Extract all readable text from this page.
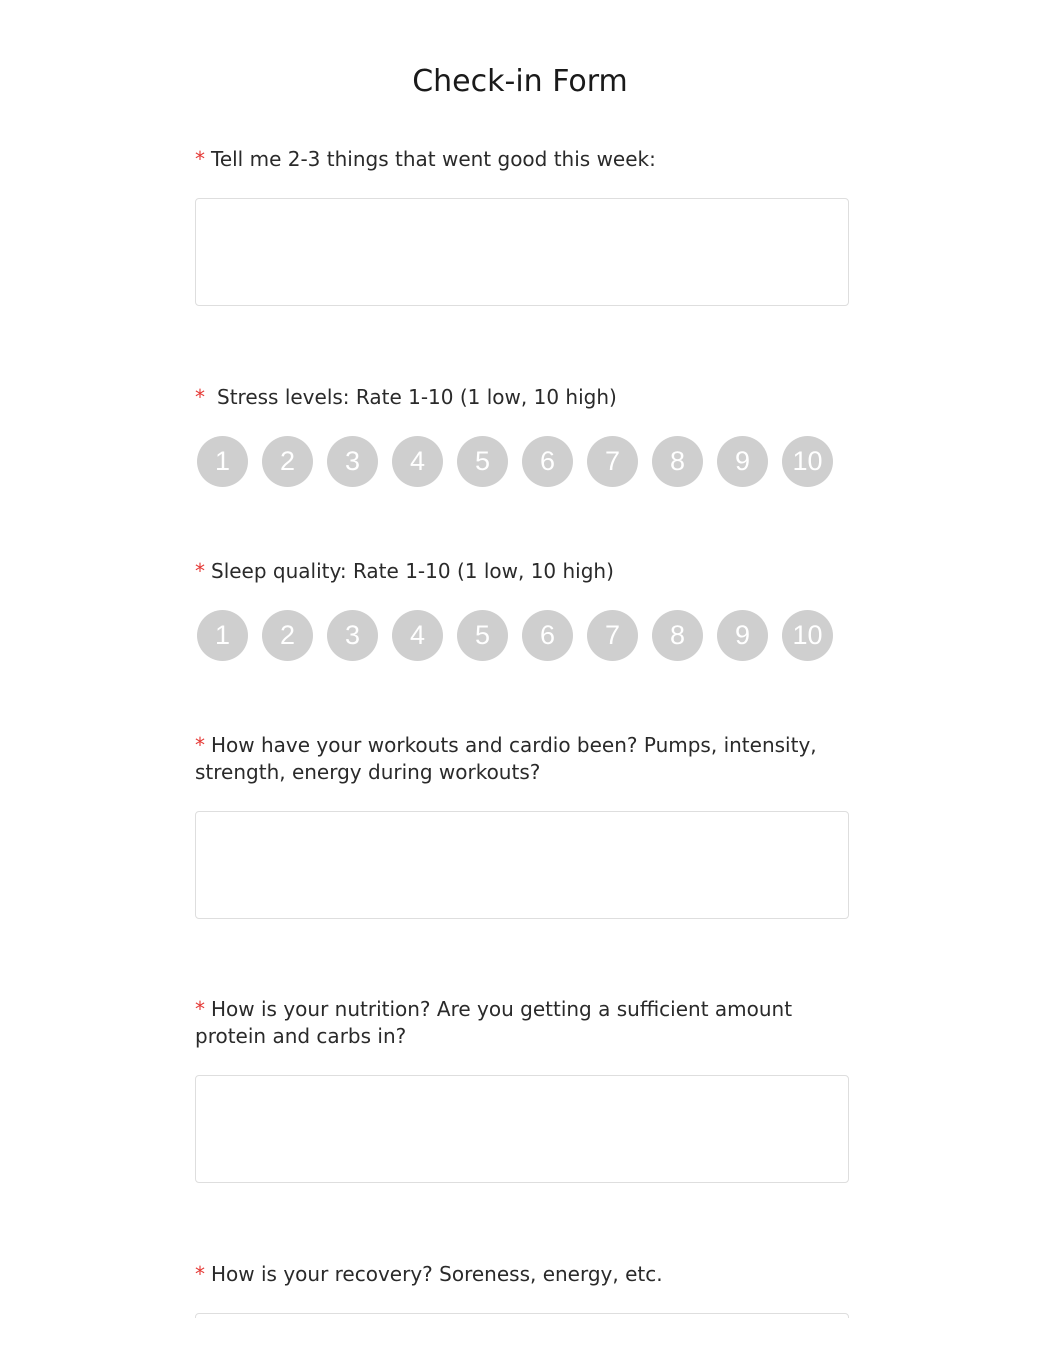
Check-in Form

* Tell me 2-3 things that went good this week:

* Stress levels: Rate 1-10 (1 low, 10 high)

1	2	3	4	5	6	7	8	9	10

* Sleep quality: Rate 1-10 (1 low, 10 high)

1	2	3	4	5	6	7	8	9	10

* How have your workouts and cardio been? Pumps, intensity, strength, energy during workouts?

* How is your nutrition? Are you getting a sufficient amount protein and carbs in?

* How is your recovery? Soreness, energy, etc.
